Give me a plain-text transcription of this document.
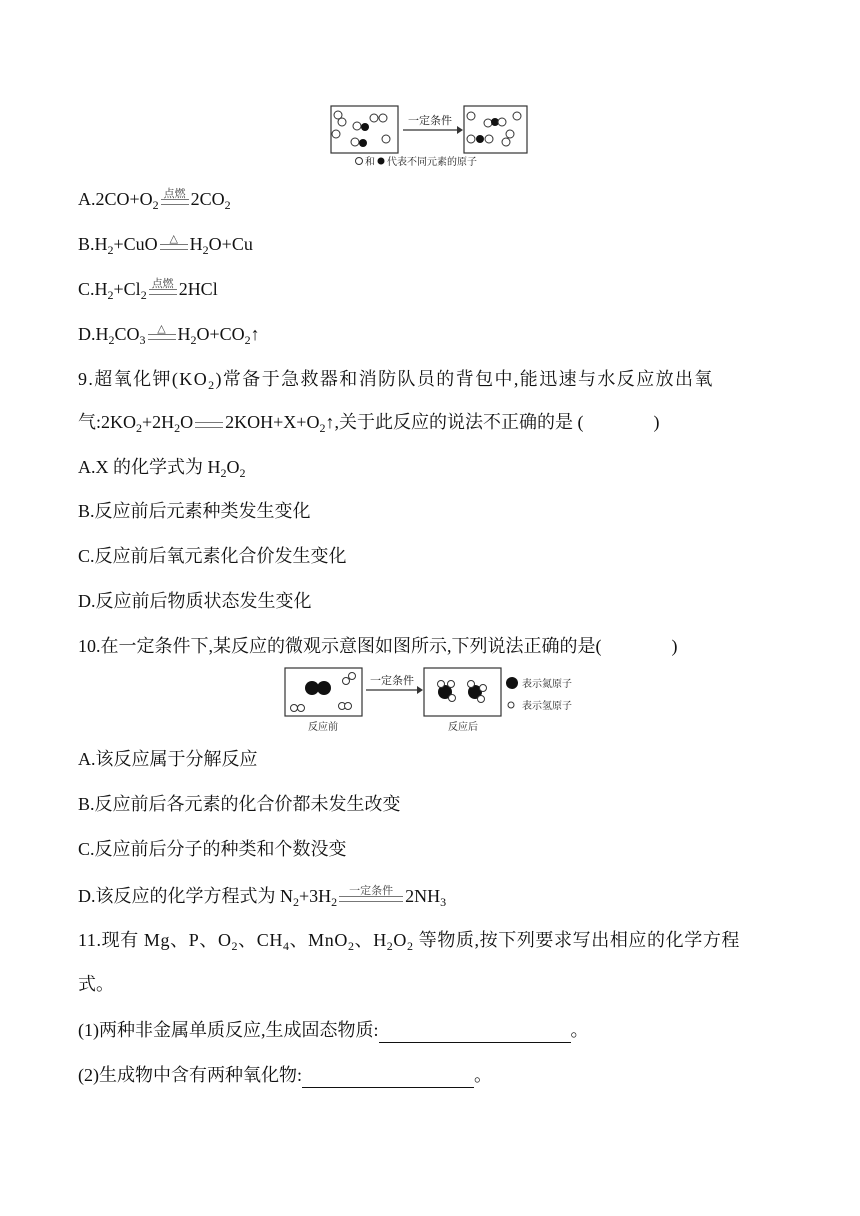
一定条件
和 代表不同元素的原子
$A.2CO+O_2$
点燃 $2CO_2$
$B.H_2+CuO$	△ $H_2O+Cu$
$C.H_2+Cl_2$
点燃 2HCl
$D.H_2CO_3$
△ $H_2O+CO_2↑$
9.超氧化钾$(KO_2)$常备于急救器和消防队员的背包中,能迅速与水反应放出氧
气$:2KO_2+2H_2O$ $2KOH+X+O_2↑$,关于此反应的说法不正确的是 (	)
A.X 的化学式为 $H_2O_2$
B.反应前后元素种类发生变化
C.反应前后氧元素化合价发生变化
D.反应前后物质状态发生变化
10.在一定条件下,某反应的微观示意图如图所示,下列说法正确的是(	)
一定条件
反应前	反应后
表示氮原子
表示氢原子
A.该反应属于分解反应
B.反应前后各元素的化合价都未发生改变
C.反应前后分子的种类和个数没变
D.该反应的化学方程式为 $N_2+3H_2$
一定条件 $2NH_3$
11.现有 Mg、P、$O_2$、$CH_4$、MnO$_2$、$H_2O_2$ 等物质,按下列要求写出相应的化学方程
式。
(1)两种非金属单质反应,生成固态物质:	。
(2)生成物中含有两种氧化物:	。
